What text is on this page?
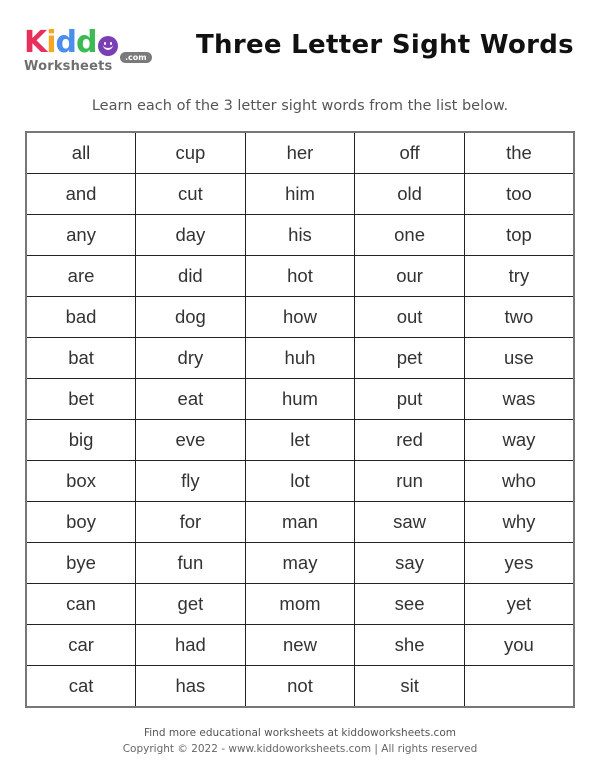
K i d d
Worksheets
.com Three Letter Sight Words
Learn each of the 3 letter sight words from the list below.
all	cup	her	off	the
and	cut	him	old	too
any	day	his	one	top
are	did	hot	our	try
bad	dog	how	out	two
bat	dry	huh	pet	use
bet	eat	hum	put	was
big	eve	let	red	way
box	fly	lot	run	who
boy	for	man	saw	why
bye	fun	may	say	yes
can	get	mom	see	yet
car	had	new	she	you
cat	has	not	sit	
Find more educational worksheets at kiddoworksheets.com
Copyright © 2022 - www.kiddoworksheets.com | All rights reserved
